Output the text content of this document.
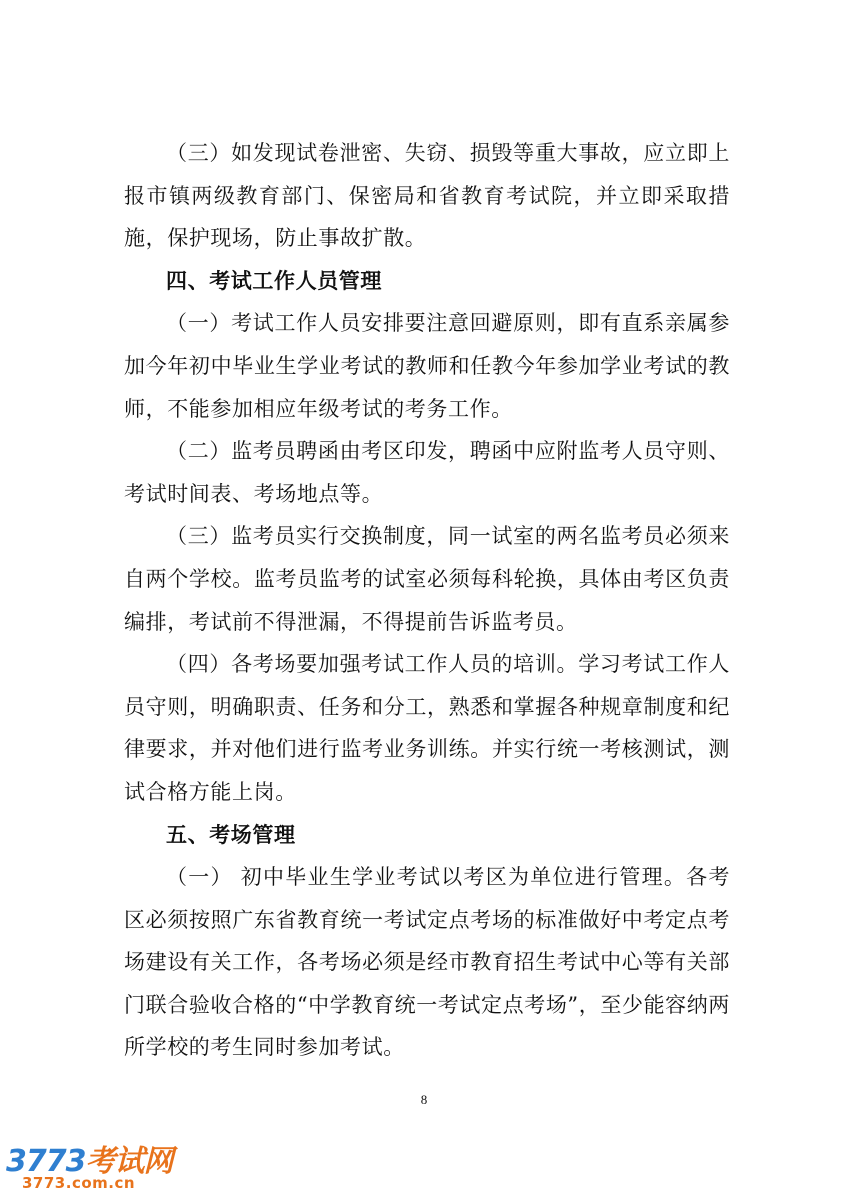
（三）如发现试卷泄密、失窃、损毁等重大事故，应立即上报市镇两级教育部门、保密局和省教育考试院，并立即采取措施，保护现场，防止事故扩散。

四、考试工作人员管理

（一）考试工作人员安排要注意回避原则，即有直系亲属参加今年初中毕业生学业考试的教师和任教今年参加学业考试的教师，不能参加相应年级考试的考务工作。

（二）监考员聘函由考区印发，聘函中应附监考人员守则、考试时间表、考场地点等。

（三）监考员实行交换制度，同一试室的两名监考员必须来自两个学校。监考员监考的试室必须每科轮换，具体由考区负责编排，考试前不得泄漏，不得提前告诉监考员。

（四）各考场要加强考试工作人员的培训。学习考试工作人员守则，明确职责、任务和分工，熟悉和掌握各种规章制度和纪律要求，并对他们进行监考业务训练。并实行统一考核测试，测试合格方能上岗。

五、考场管理

（一） 初中毕业生学业考试以考区为单位进行管理。各考区必须按照广东省教育统一考试定点考场的标准做好中考定点考场建设有关工作，各考场必须是经市教育招生考试中心等有关部门联合验收合格的“中学教育统一考试定点考场”，至少能容纳两所学校的考生同时参加考试。

8
3773考试网
3773.com.cn
